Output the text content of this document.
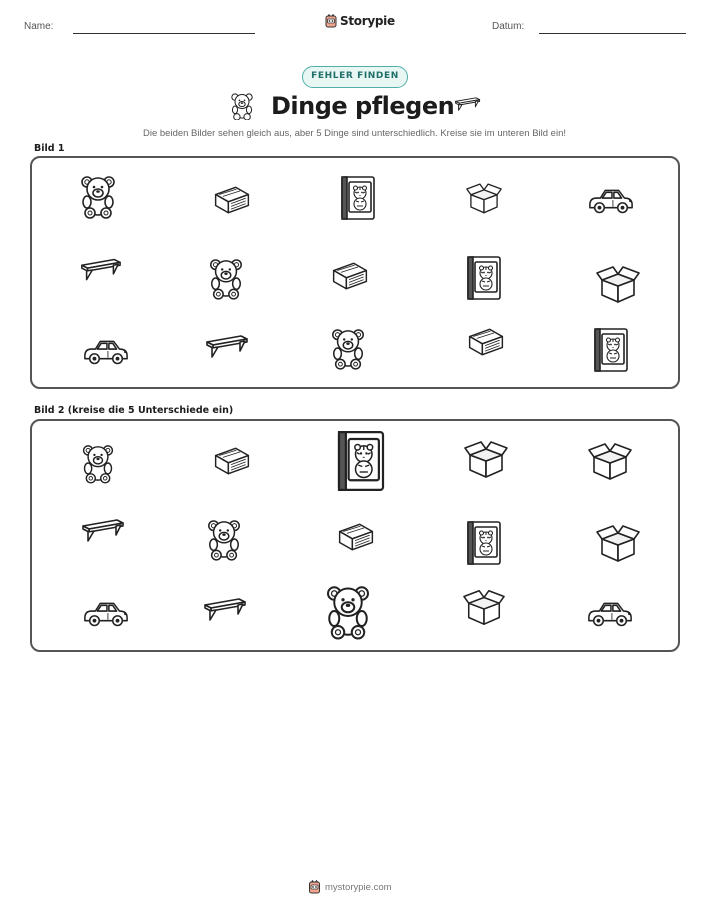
Name:	Storypie	Datum:
FEHLER FINDEN
Dinge pflegen
Die beiden Bilder sehen gleich aus, aber 5 Dinge sind unterschiedlich. Kreise sie im unteren Bild ein!
Bild 1
Bild 2 (kreise die 5 Unterschiede ein)
mystorypie.com
